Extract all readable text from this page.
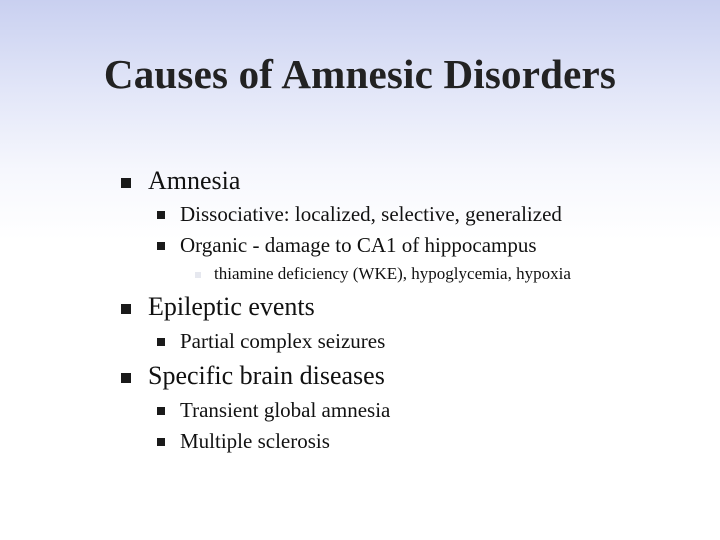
Causes of Amnesic Disorders
Amnesia
Dissociative: localized, selective, generalized
Organic - damage to CA1 of hippocampus
thiamine deficiency (WKE), hypoglycemia, hypoxia
Epileptic events
Partial complex seizures
Specific brain diseases
Transient global amnesia
Multiple sclerosis
